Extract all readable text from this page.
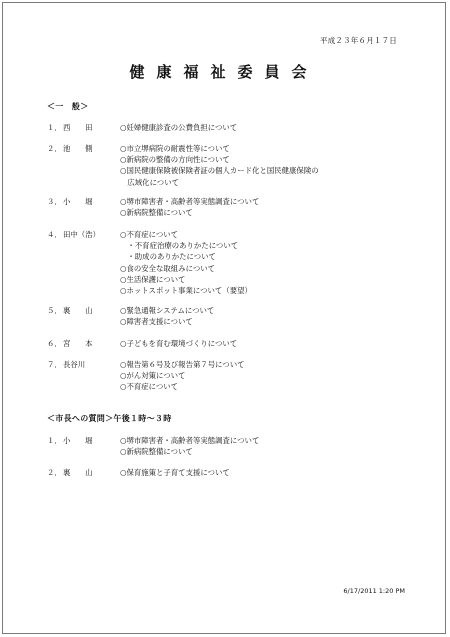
平成２３年６月１７日
健康福祉委員会
＜一　般＞
１． 西　　田	○妊婦健康診査の公費負担について
２． 池　　側	○市立堺病院の耐震性等について
○新病院の整備の方向性について
○国民健康保険被保険者証の個人カード化と国民健康保険の
　広域化について
３． 小　　堀	○堺市障害者・高齢者等実態調査について
○新病院整備について
４． 田中（浩）	○不育症について
　・不育症治療のありかたについて
　・助成のありかたについて
○食の安全な取組みについて
○生活保護について
○ホットスポット事業について（要望）
５． 裏　　山	○緊急通報システムについて
○障害者支援について
６． 宮　　本	○子どもを育む環境づくりについて
７． 長谷川	○報告第６号及び報告第７号について
○がん対策について
○不育症について
＜市長への質問＞午後１時～３時
１． 小　　堀	○堺市障害者・高齢者等実態調査について
○新病院整備について
２． 裏　　山	○保育施策と子育て支援について
6/17/2011 1:20 PM
